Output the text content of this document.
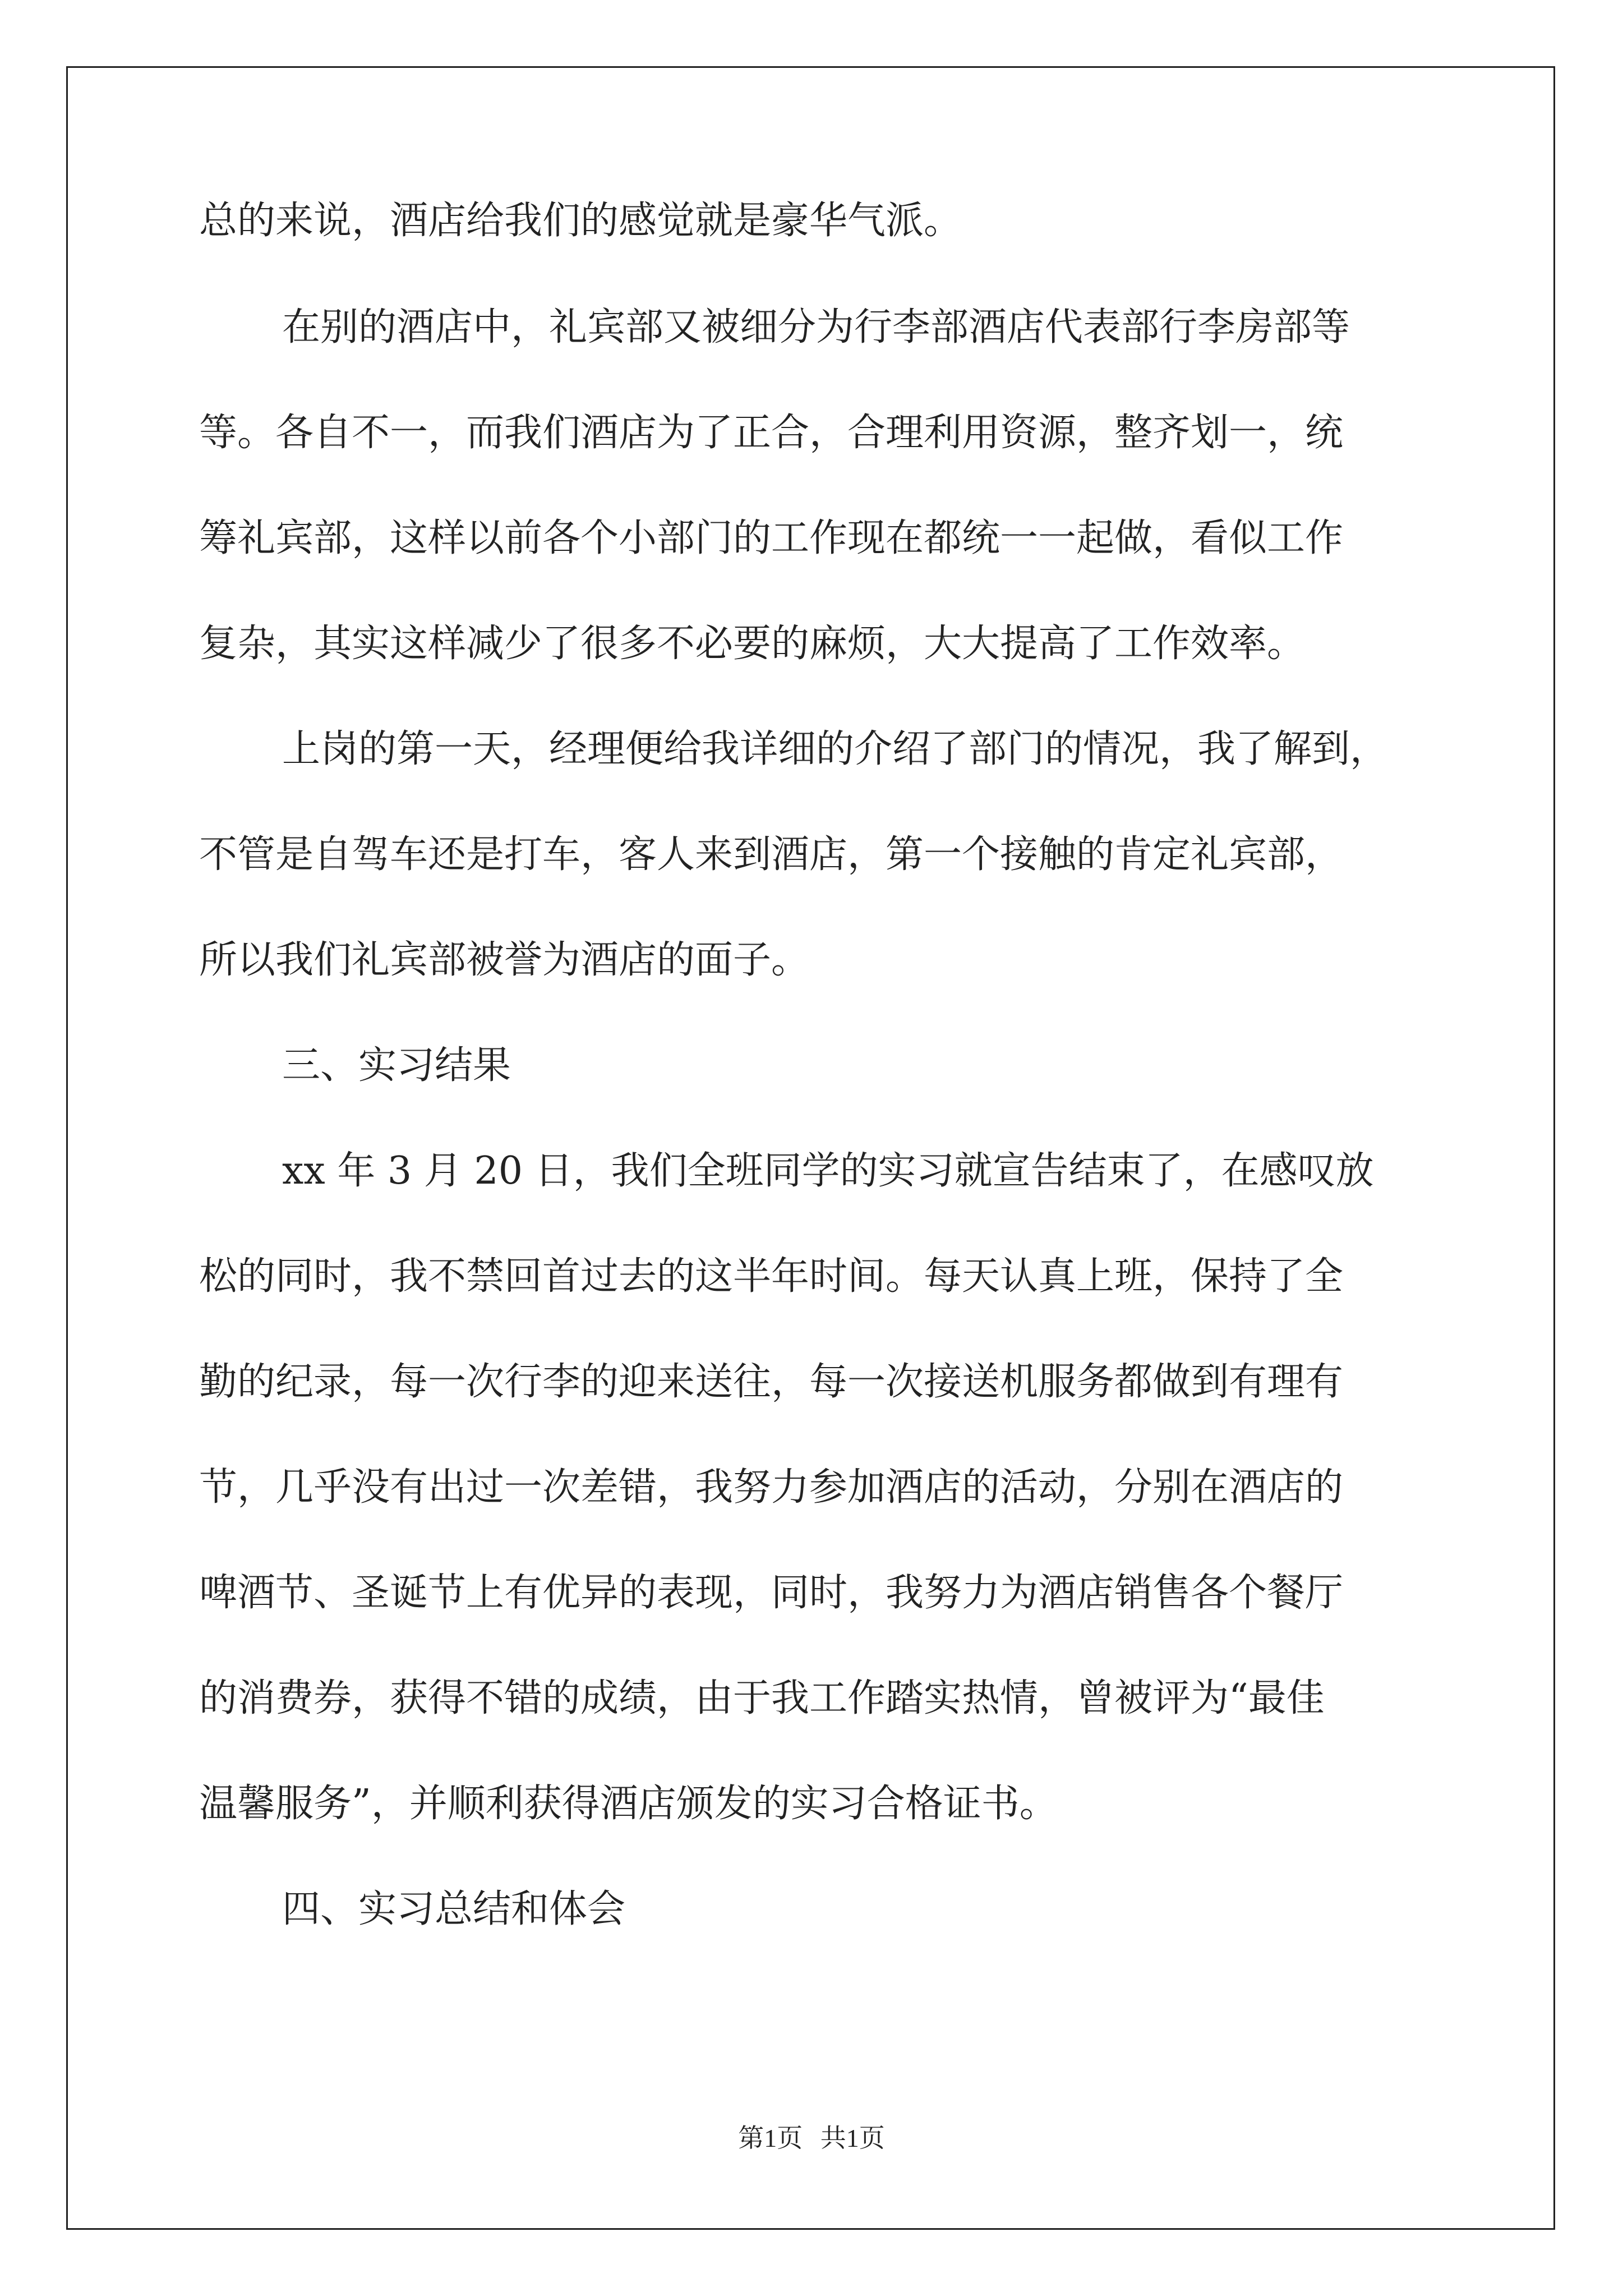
总的来说，酒店给我们的感觉就是豪华气派。
在别的酒店中，礼宾部又被细分为行李部酒店代表部行李房部等
等。各自不一，而我们酒店为了正合，合理利用资源，整齐划一，统
筹礼宾部，这样以前各个小部门的工作现在都统一一起做，看似工作
复杂，其实这样减少了很多不必要的麻烦，大大提高了工作效率。
上岗的第一天，经理便给我详细的介绍了部门的情况，我了解到，
不管是自驾车还是打车，客人来到酒店，第一个接触的肯定礼宾部，
所以我们礼宾部被誉为酒店的面子。
三、实习结果
xx 年 3 月 20 日，我们全班同学的实习就宣告结束了，在感叹放
松的同时，我不禁回首过去的这半年时间。每天认真上班，保持了全
勤的纪录，每一次行李的迎来送往，每一次接送机服务都做到有理有
节，几乎没有出过一次差错，我努力参加酒店的活动，分别在酒店的
啤酒节、圣诞节上有优异的表现，同时，我努力为酒店销售各个餐厅
的消费券，获得不错的成绩，由于我工作踏实热情，曾被评为“最佳
温馨服务”，并顺利获得酒店颁发的实习合格证书。
四、实习总结和体会
第1页 共1页
